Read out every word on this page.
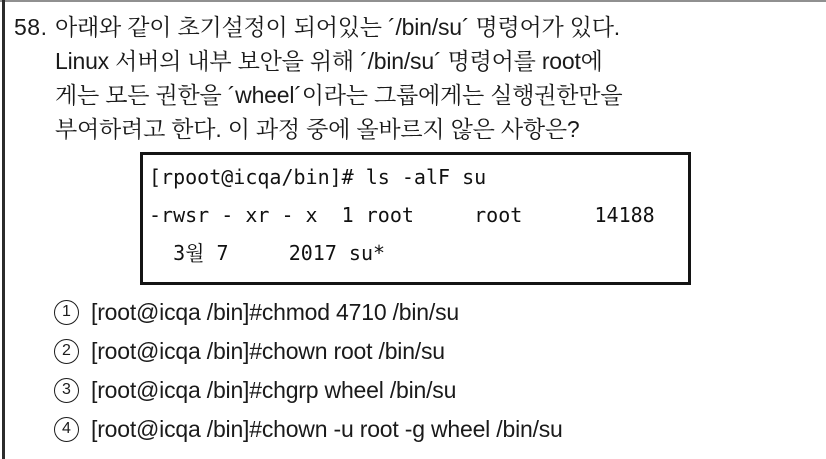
58. 아래와 같이 초기설정이 되어있는 ´/bin/su´ 명령어가 있다.
Linux 서버의 내부 보안을 위해 ´/bin/su´ 명령어를 root에
게는 모든 권한을 ´wheel´이라는 그룹에게는 실행권한만을
부여하려고 한다. 이 과정 중에 올바르지 않은 사항은?
[rpoot@icqa/bin]# ls -alF su
-rwsr - xr - x  1 root     root      14188
3월 7     2017 su*
1 [root@icqa /bin]#chmod 4710 /bin/su
2 [root@icqa /bin]#chown root /bin/su
3 [root@icqa /bin]#chgrp wheel /bin/su
4 [root@icqa /bin]#chown -u root -g wheel /bin/su
